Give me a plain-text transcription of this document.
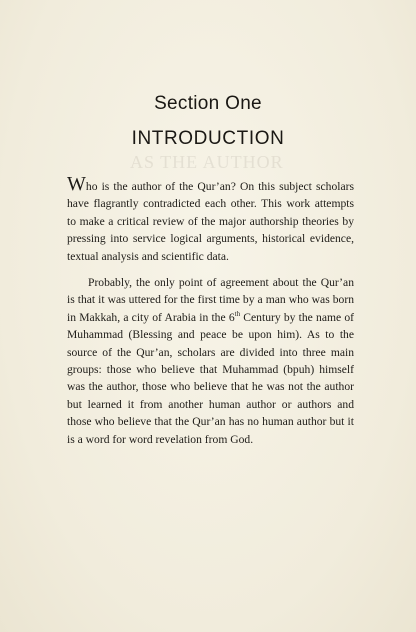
AS THE AUTHOR
Section One
INTRODUCTION

Who is the author of the Qur’an? On this subject scholars have flagrantly contradicted each other. This work attempts to make a critical review of the major authorship theories by pressing into service logical arguments, historical evidence, textual analysis and scientific data.

Probably, the only point of agreement about the Qur’an is that it was uttered for the first time by a man who was born in Makkah, a city of Arabia in the 6th Century by the name of Muhammad (Blessing and peace be upon him). As to the source of the Qur’an, scholars are divided into three main groups: those who believe that Muhammad (bpuh) himself was the author, those who believe that he was not the author but learned it from another human author or authors and those who believe that the Qur’an has no human author but it is a word for word revelation from God.
